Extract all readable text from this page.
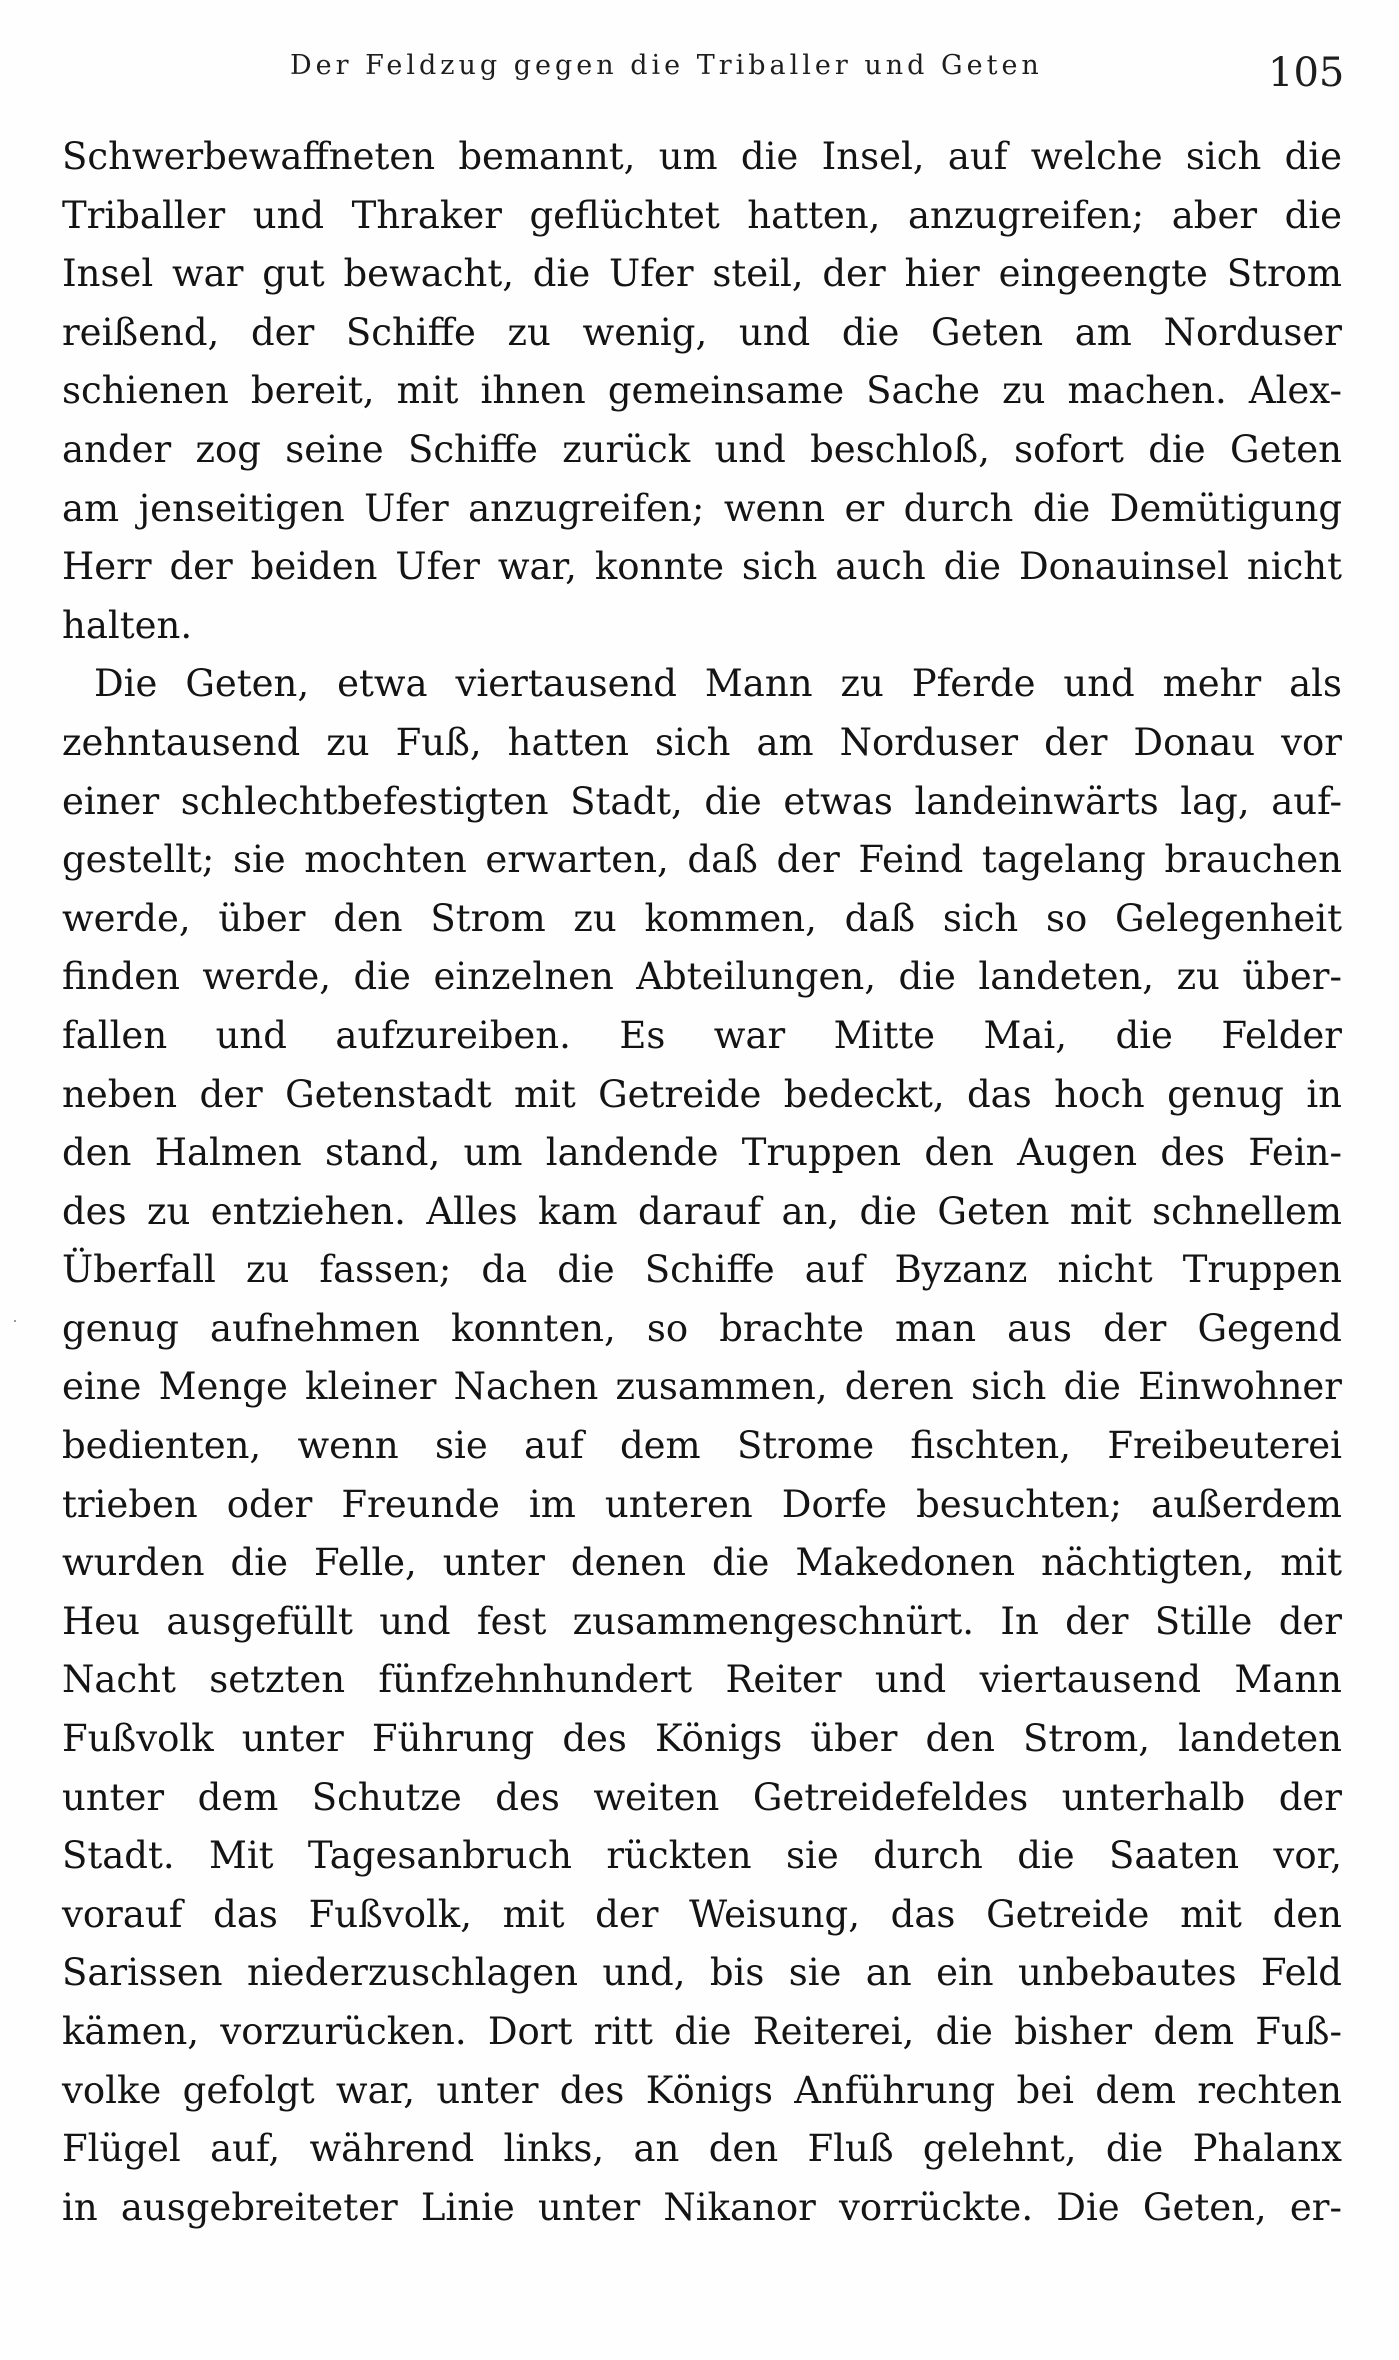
Der Feldzug gegen die Triballer und Geten	105
Schwerbewaffneten bemannt, um die Insel, auf welche sich die
Triballer und Thraker geflüchtet hatten, anzugreifen; aber die
Insel war gut bewacht, die Ufer steil, der hier eingeengte Strom
reißend, der Schiffe zu wenig, und die Geten am Norduser
schienen bereit, mit ihnen gemeinsame Sache zu machen. Alex-
ander zog seine Schiffe zurück und beschloß, sofort die Geten
am jenseitigen Ufer anzugreifen; wenn er durch die Demütigung
Herr der beiden Ufer war, konnte sich auch die Donauinsel nicht
halten.
Die Geten, etwa viertausend Mann zu Pferde und mehr als
zehntausend zu Fuß, hatten sich am Norduser der Donau vor
einer schlechtbefestigten Stadt, die etwas landeinwärts lag, auf-
gestellt; sie mochten erwarten, daß der Feind tagelang brauchen
werde, über den Strom zu kommen, daß sich so Gelegenheit
finden werde, die einzelnen Abteilungen, die landeten, zu über-
fallen und aufzureiben. Es war Mitte Mai, die Felder
neben der Getenstadt mit Getreide bedeckt, das hoch genug in
den Halmen stand, um landende Truppen den Augen des Fein-
des zu entziehen. Alles kam darauf an, die Geten mit schnellem
Überfall zu fassen; da die Schiffe auf Byzanz nicht Truppen
genug aufnehmen konnten, so brachte man aus der Gegend
eine Menge kleiner Nachen zusammen, deren sich die Einwohner
bedienten, wenn sie auf dem Strome fischten, Freibeuterei
trieben oder Freunde im unteren Dorfe besuchten; außerdem
wurden die Felle, unter denen die Makedonen nächtigten, mit
Heu ausgefüllt und fest zusammengeschnürt. In der Stille der
Nacht setzten fünfzehnhundert Reiter und viertausend Mann
Fußvolk unter Führung des Königs über den Strom, landeten
unter dem Schutze des weiten Getreidefeldes unterhalb der
Stadt. Mit Tagesanbruch rückten sie durch die Saaten vor,
vorauf das Fußvolk, mit der Weisung, das Getreide mit den
Sarissen niederzuschlagen und, bis sie an ein unbebautes Feld
kämen, vorzurücken. Dort ritt die Reiterei, die bisher dem Fuß-
volke gefolgt war, unter des Königs Anführung bei dem rechten
Flügel auf, während links, an den Fluß gelehnt, die Phalanx
in ausgebreiteter Linie unter Nikanor vorrückte. Die Geten, er-
